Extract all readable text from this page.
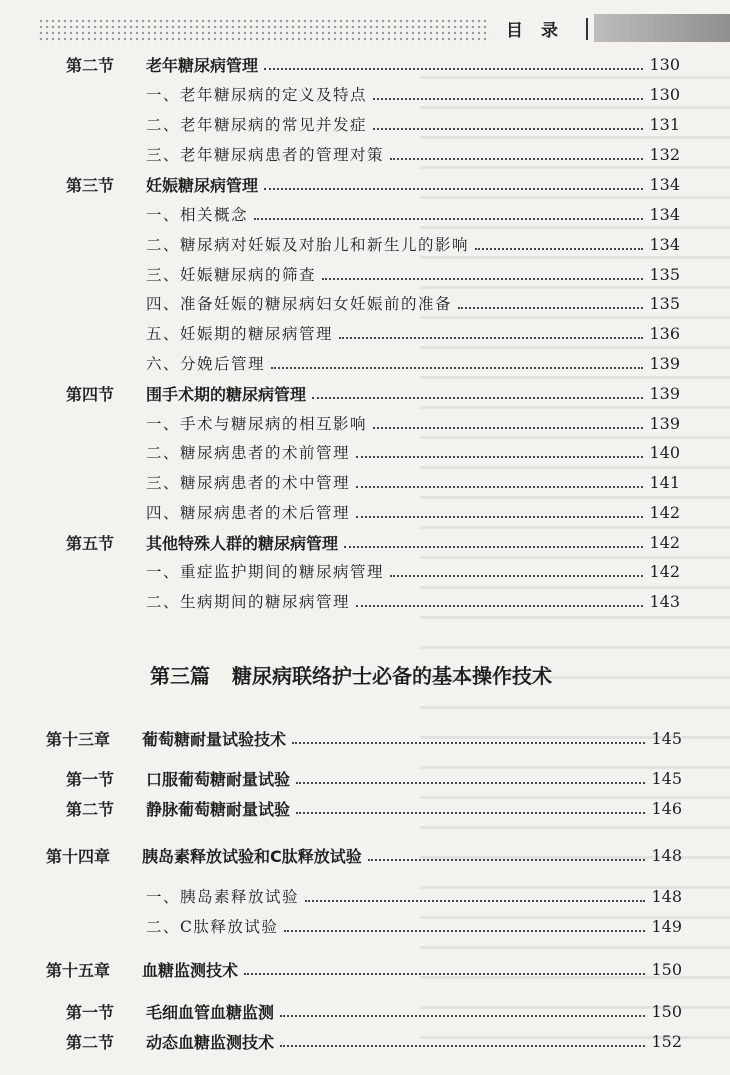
目录
第三篇 糖尿病联络护士必备的基本操作技术
第二节 老年糖尿病管理	130
一、老年糖尿病的定义及特点	130
二、老年糖尿病的常见并发症	131
三、老年糖尿病患者的管理对策	132
第三节 妊娠糖尿病管理	134
一、相关概念	134
二、糖尿病对妊娠及对胎儿和新生儿的影响	134
三、妊娠糖尿病的筛查	135
四、准备妊娠的糖尿病妇女妊娠前的准备	135
五、妊娠期的糖尿病管理	136
六、分娩后管理	139
第四节 围手术期的糖尿病管理	139
一、手术与糖尿病的相互影响	139
二、糖尿病患者的术前管理	140
三、糖尿病患者的术中管理	141
四、糖尿病患者的术后管理	142
第五节 其他特殊人群的糖尿病管理	142
一、重症监护期间的糖尿病管理	142
二、生病期间的糖尿病管理	143
第十三章 葡萄糖耐量试验技术	145
第一节 口服葡萄糖耐量试验	145
第二节 静脉葡萄糖耐量试验	146
第十四章 胰岛素释放试验和C肽释放试验	148
一、胰岛素释放试验	148
二、C肽释放试验	149
第十五章 血糖监测技术	150
第一节 毛细血管血糖监测	150
第二节 动态血糖监测技术	152
